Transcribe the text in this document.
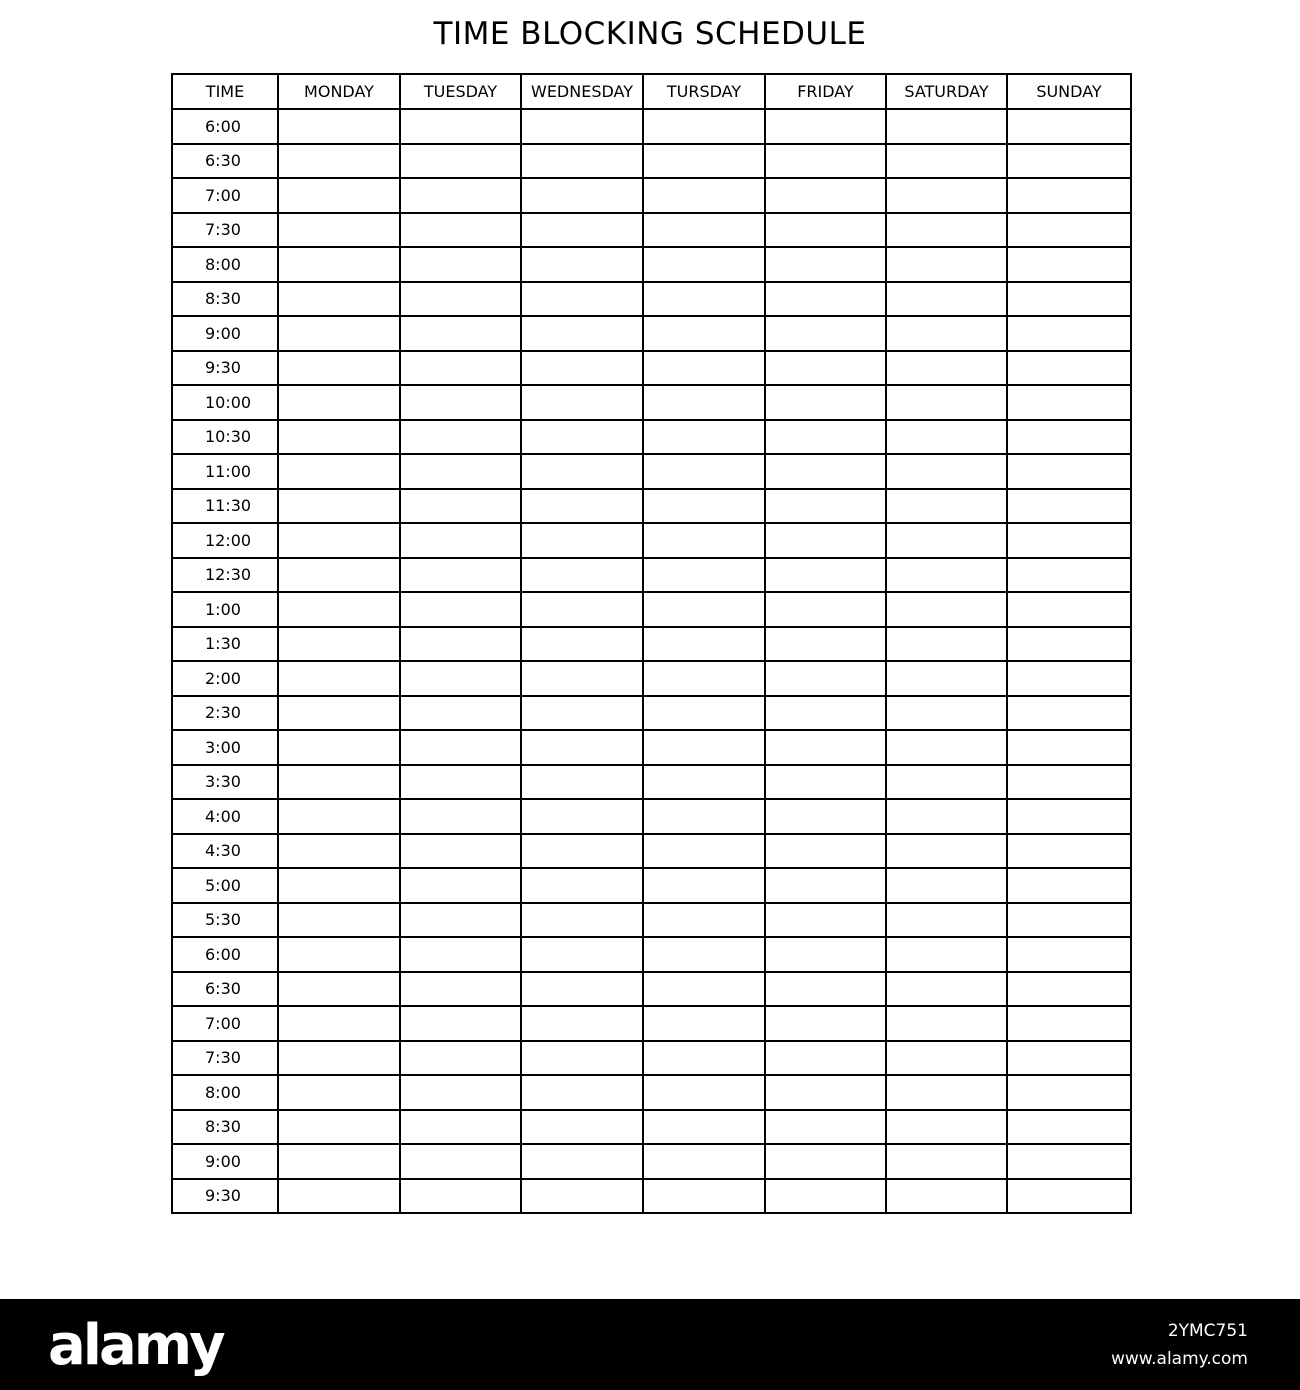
TIME BLOCKING SCHEDULE
TIME	MONDAY	TUESDAY	WEDNESDAY	TURSDAY	FRIDAY	SATURDAY	SUNDAY
6:00							
6:30							
7:00							
7:30							
8:00							
8:30							
9:00							
9:30							
10:00							
10:30							
11:00							
11:30							
12:00							
12:30							
1:00							
1:30							
2:00							
2:30							
3:00							
3:30							
4:00							
4:30							
5:00							
5:30							
6:00							
6:30							
7:00							
7:30							
8:00							
8:30							
9:00							
9:30							
alamy	2YMC751
www.alamy.com
